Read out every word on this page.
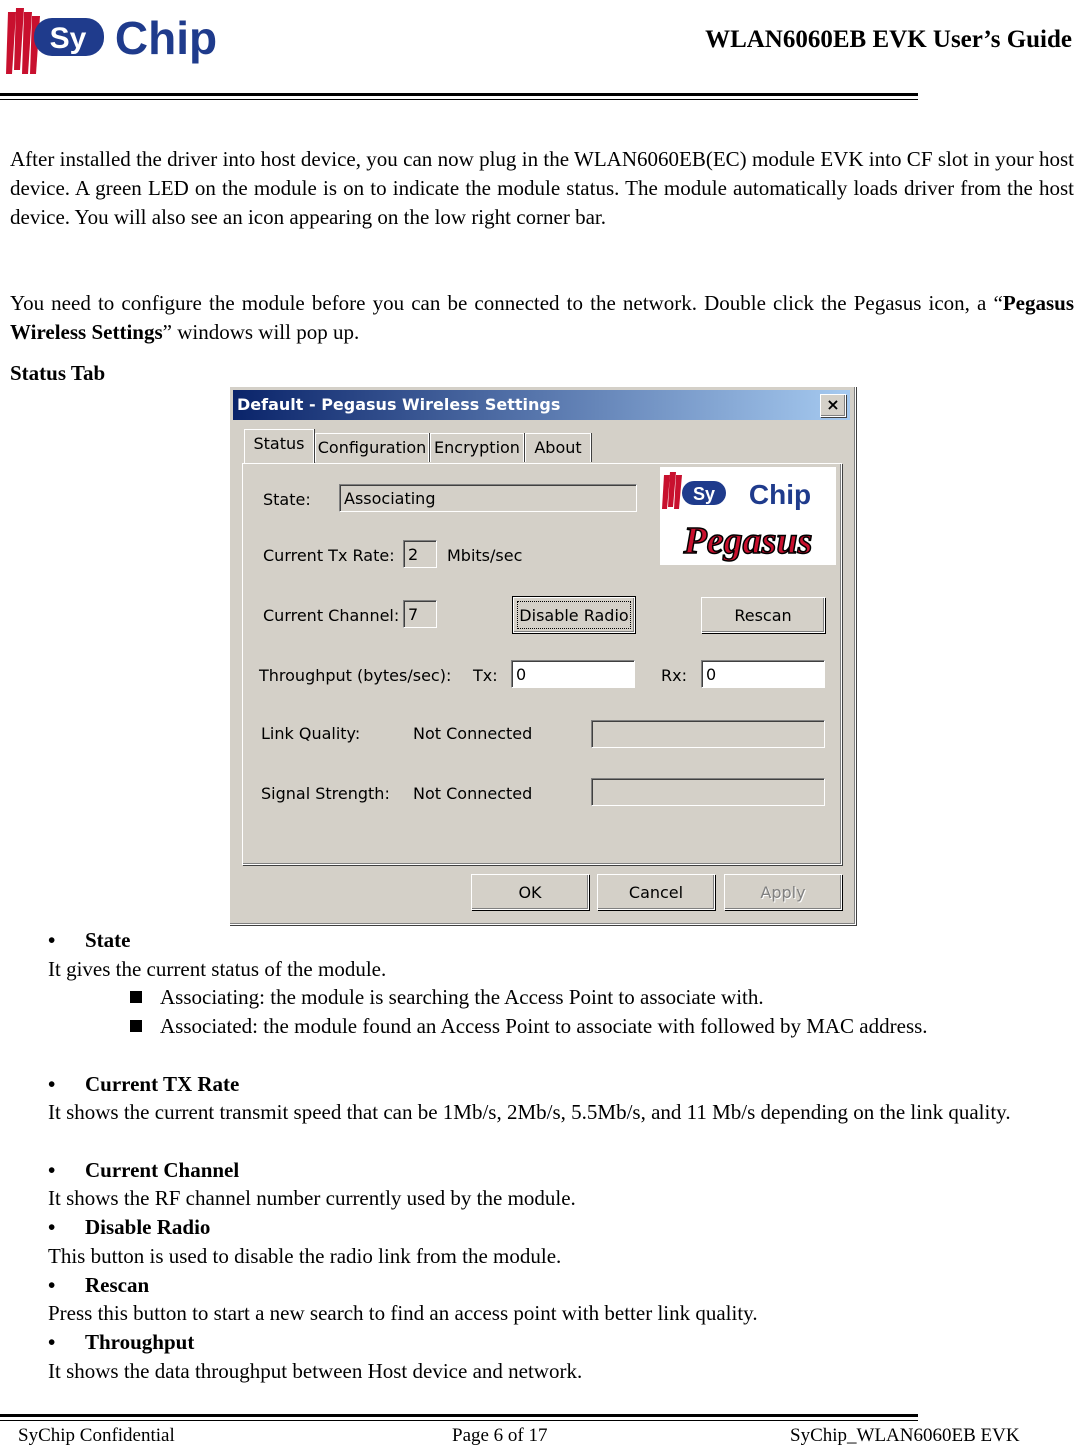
Sy Chip	WLAN6060EB EVK User’s Guide
After installed the driver into host device, you can now plug in the WLAN6060EB(EC) module EVK into CF slot in your host device. A green LED on the module is on to indicate the module status. The module automatically loads driver from the host device. You will also see an icon appearing on the low right corner bar.
You need to configure the module before you can be connected to the network. Double click the Pegasus icon, a “Pegasus Wireless Settings” windows will pop up.
Status Tab
Default - Pegasus Wireless Settings	×
Status Configuration Encryption About
State:	Associating
Current Tx Rate: 2	Mbits/sec
Current Channel: 7	Disable Radio	Rescan
Throughput (bytes/sec): Tx:	0	Rx:	0
Link Quality:	Not Connected
Signal Strength: Not Connected
Sy Chip
Pegasus
OK	Cancel	Apply
• State
It gives the current status of the module.
Associating: the module is searching the Access Point to associate with.
Associated: the module found an Access Point to associate with followed by MAC address.
• Current TX Rate
It shows the current transmit speed that can be 1Mb/s, 2Mb/s, 5.5Mb/s, and 11 Mb/s depending on the link quality.
• Current Channel
It shows the RF channel number currently used by the module.
• Disable Radio
This button is used to disable the radio link from the module.
• Rescan
Press this button to start a new search to find an access point with better link quality.
• Throughput
It shows the data throughput between Host device and network.
SyChip Confidential	Page 6 of 17	SyChip_WLAN6060EB EVK
